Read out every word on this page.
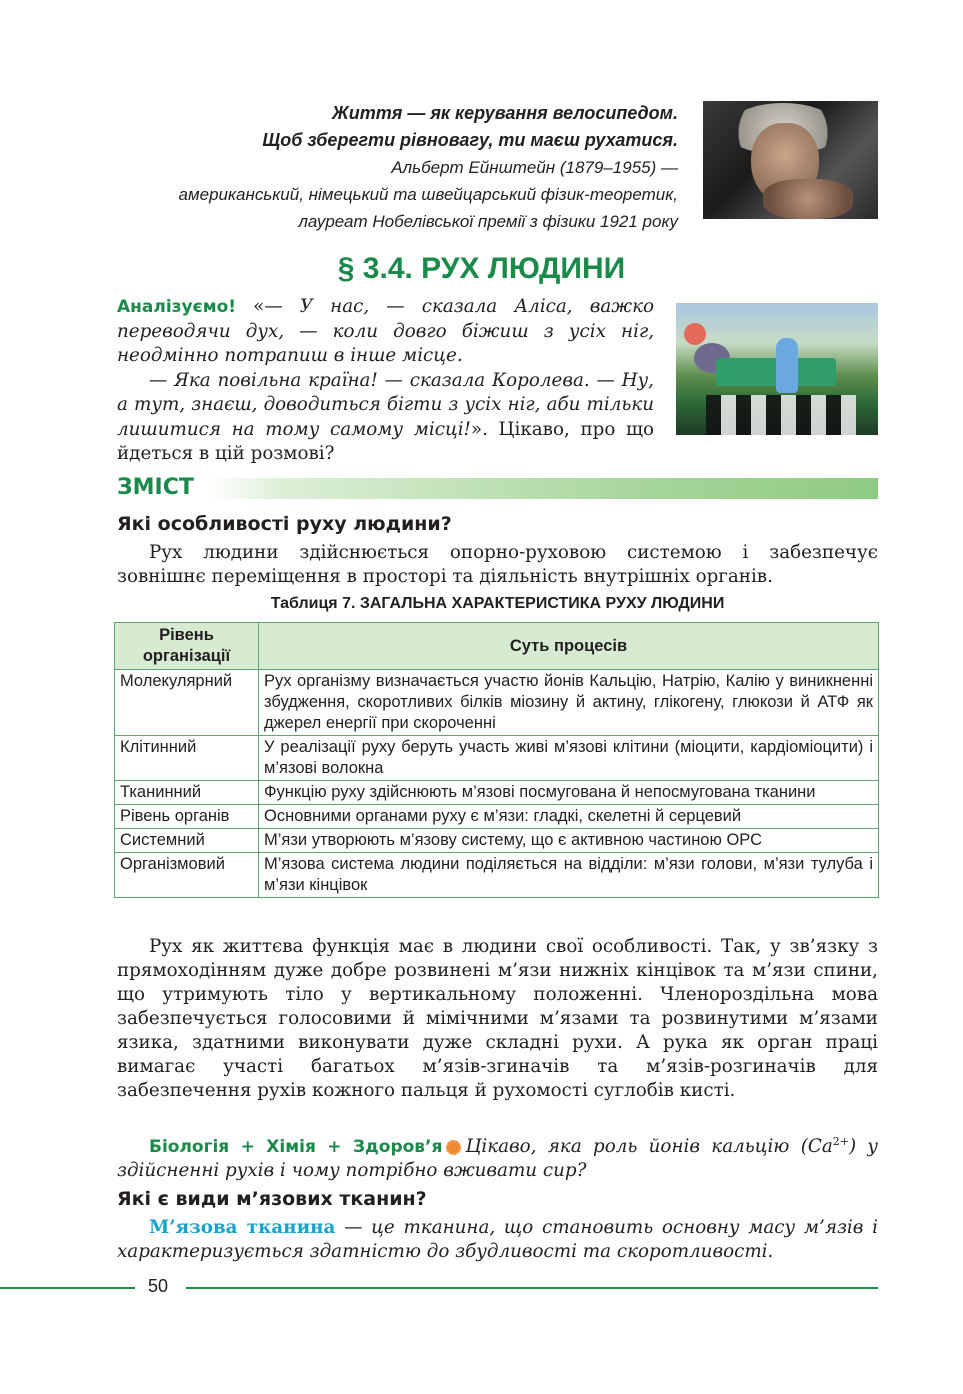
Життя — як керування велосипедом.
Щоб зберегти рівновагу, ти маєш рухатися.
Альберт Ейнштейн (1879–1955) —
американський, німецький та швейцарський фізик-теоретик,
лауреат Нобелівської премії з фізики 1921 року
§ 3.4. РУХ ЛЮДИНИ
Аналізуємо! «— У нас, — сказала Аліса, важко переводячи дух, — коли довго біжиш з усіх ніг, неодмінно потрапиш в інше місце.
— Яка повільна країна! — сказала Королева. — Ну, а тут, знаєш, доводиться бігти з усіх ніг, аби тільки лишитися на тому самому місці!». Цікаво, про що йдеться в цій розмові?
ЗМІСТ
Які особливості руху людини?
Рух людини здійснюється опорно-руховою системою і забезпечує зовнішнє переміщення в просторі та діяльність внутрішніх органів.
Таблиця 7. ЗАГАЛЬНА ХАРАКТЕРИСТИКА РУХУ ЛЮДИНИ
Рівень організації	Суть процесів
Молекулярний	Рух організму визначається участю йонів Кальцію, Натрію, Калію у виникненні збудження, скоротливих білків міозину й актину, глікогену, глюкози й АТФ як джерел енергії при скороченні
Клітинний	У реалізації руху беруть участь живі м’язові клітини (міоцити, кардіоміоцити) і м’язові волокна
Тканинний	Функцію руху здійснюють м’язові посмугована й непосмугована тканини
Рівень органів	Основними органами руху є м’язи: гладкі, скелетні й серцевий
Системний	М’язи утворюють м’язову систему, що є активною частиною ОРС
Організмовий	М’язова система людини поділяється на відділи: м’язи голови, м’язи тулуба і м’язи кінцівок
Рух як життєва функція має в людини свої особливості. Так, у зв’язку з прямоходінням дуже добре розвинені м’язи нижніх кінцівок та м’язи спини, що утримують тіло у вертикальному положенні. Членороздільна мова забезпечується голосовими й мімічними м’язами та розвинутими м’язами язика, здатними виконувати дуже складні рухи. А рука як орган праці вимагає участі багатьох м’язів-згиначів та м’язів-розгиначів для забезпечення рухів кожного пальця й рухомості суглобів кисті.
Біологія + Хімія + Здоров’я Цікаво, яка роль йонів кальцію $(Ca^{2+})$ у здійсненні рухів і чому потрібно вживати сир?
Які є види м’язових тканин?
М’язова тканина — це тканина, що становить основну масу м’язів і характеризується здатністю до збудливості та скоротливості.
50
